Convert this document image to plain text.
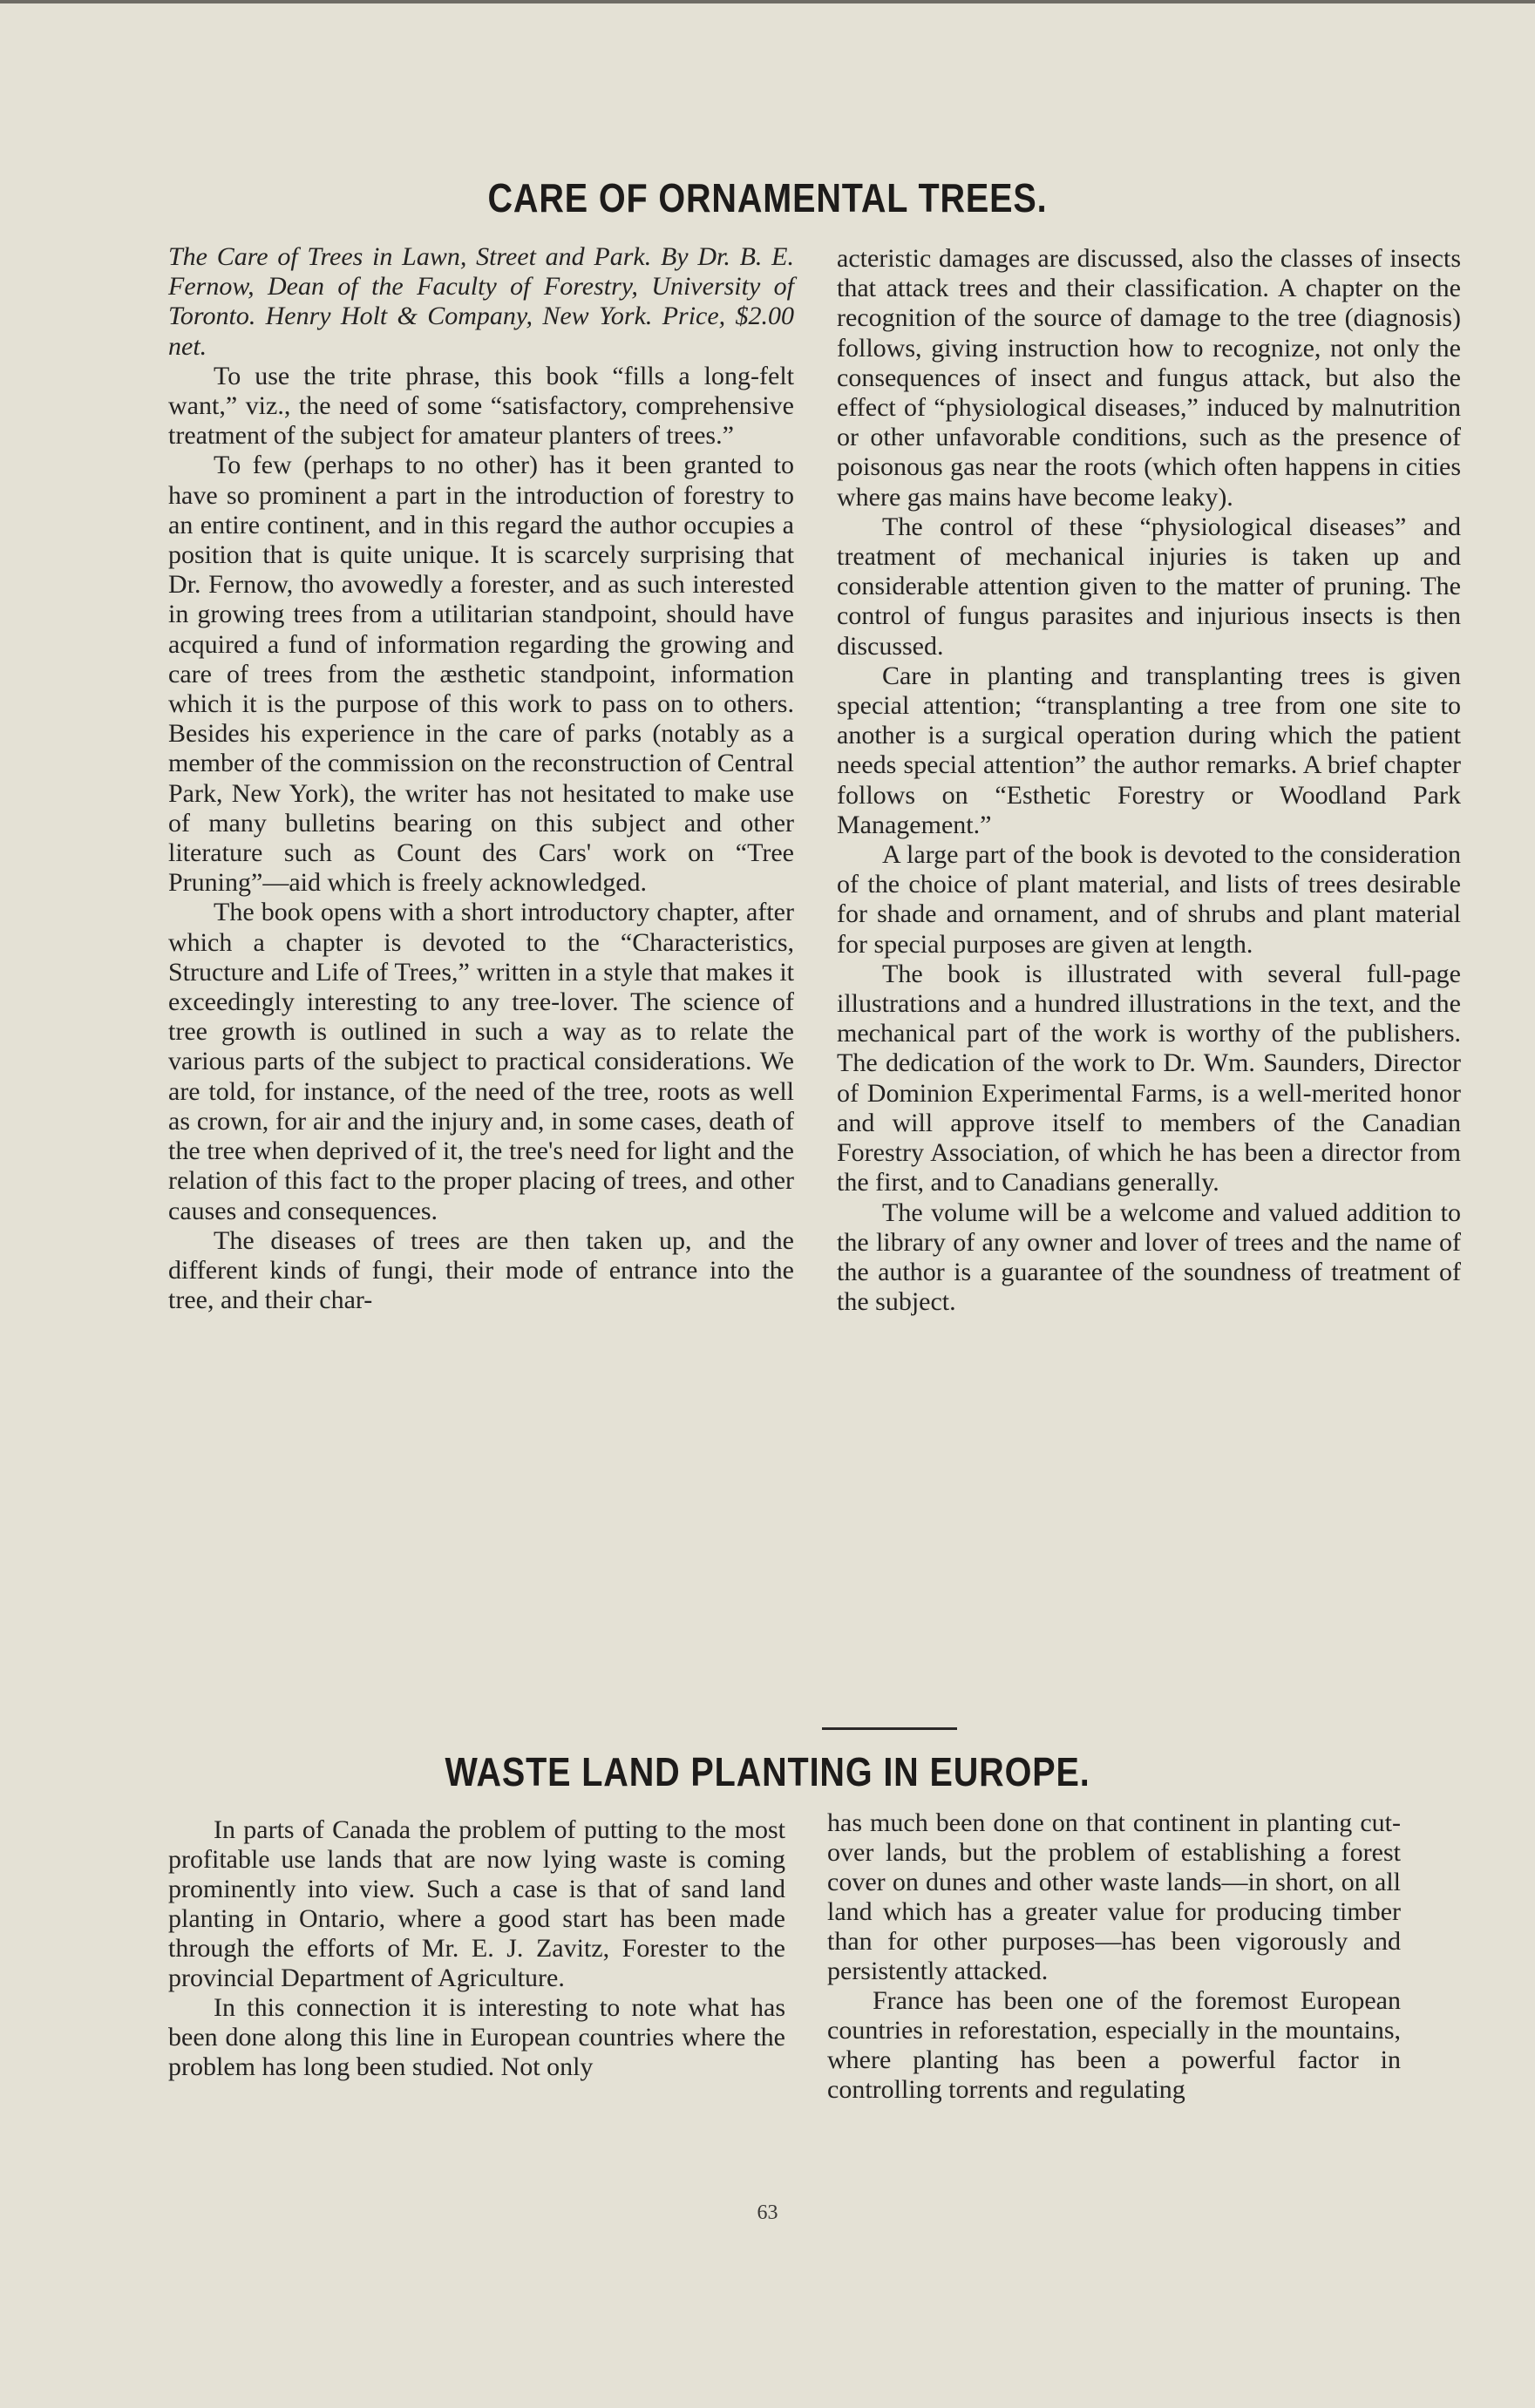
CARE OF ORNAMENTAL TREES.

The Care of Trees in Lawn, Street and Park. By Dr. B. E. Fernow, Dean of the Faculty of Forestry, University of Toronto. Henry Holt & Company, New York. Price, $2.00 net.

To use the trite phrase, this book “fills a long-felt want,” viz., the need of some “satisfactory, comprehensive treatment of the subject for amateur planters of trees.”

To few (perhaps to no other) has it been granted to have so prominent a part in the introduction of forestry to an entire continent, and in this regard the author occupies a position that is quite unique. It is scarcely surprising that Dr. Fernow, tho avowedly a forester, and as such interested in growing trees from a utilitarian standpoint, should have acquired a fund of information regarding the growing and care of trees from the æsthetic standpoint, information which it is the purpose of this work to pass on to others. Besides his experience in the care of parks (notably as a member of the commission on the reconstruction of Central Park, New York), the writer has not hesitated to make use of many bulletins bearing on this subject and other literature such as Count des Cars' work on “Tree Pruning”—aid which is freely acknowledged.

The book opens with a short introductory chapter, after which a chapter is devoted to the “Characteristics, Structure and Life of Trees,” written in a style that makes it exceedingly interesting to any tree-lover. The science of tree growth is outlined in such a way as to relate the various parts of the subject to practical considerations. We are told, for instance, of the need of the tree, roots as well as crown, for air and the injury and, in some cases, death of the tree when deprived of it, the tree's need for light and the relation of this fact to the proper placing of trees, and other causes and consequences.

The diseases of trees are then taken up, and the different kinds of fungi, their mode of entrance into the tree, and their char-

acteristic damages are discussed, also the classes of insects that attack trees and their classification. A chapter on the recognition of the source of damage to the tree (diagnosis) follows, giving instruction how to recognize, not only the consequences of insect and fungus attack, but also the effect of “physiological diseases,” induced by malnutrition or other unfavorable conditions, such as the presence of poisonous gas near the roots (which often happens in cities where gas mains have become leaky).

The control of these “physiological diseases” and treatment of mechanical injuries is taken up and considerable attention given to the matter of pruning. The control of fungus parasites and injurious insects is then discussed.

Care in planting and transplanting trees is given special attention; “transplanting a tree from one site to another is a surgical operation during which the patient needs special attention” the author remarks. A brief chapter follows on “Esthetic Forestry or Woodland Park Management.”

A large part of the book is devoted to the consideration of the choice of plant material, and lists of trees desirable for shade and ornament, and of shrubs and plant material for special purposes are given at length.

The book is illustrated with several full-page illustrations and a hundred illustrations in the text, and the mechanical part of the work is worthy of the publishers. The dedication of the work to Dr. Wm. Saunders, Director of Dominion Experimental Farms, is a well-merited honor and will approve itself to members of the Canadian Forestry Association, of which he has been a director from the first, and to Canadians generally.

The volume will be a welcome and valued addition to the library of any owner and lover of trees and the name of the author is a guarantee of the soundness of treatment of the subject.

WASTE LAND PLANTING IN EUROPE.

In parts of Canada the problem of putting to the most profitable use lands that are now lying waste is coming prominently into view. Such a case is that of sand land planting in Ontario, where a good start has been made through the efforts of Mr. E. J. Zavitz, Forester to the provincial Department of Agriculture.

In this connection it is interesting to note what has been done along this line in European countries where the problem has long been studied. Not only

has much been done on that continent in planting cut-over lands, but the problem of establishing a forest cover on dunes and other waste lands—in short, on all land which has a greater value for producing timber than for other purposes—has been vigorously and persistently attacked.

France has been one of the foremost European countries in reforestation, especially in the mountains, where planting has been a powerful factor in controlling torrents and regulating

63
